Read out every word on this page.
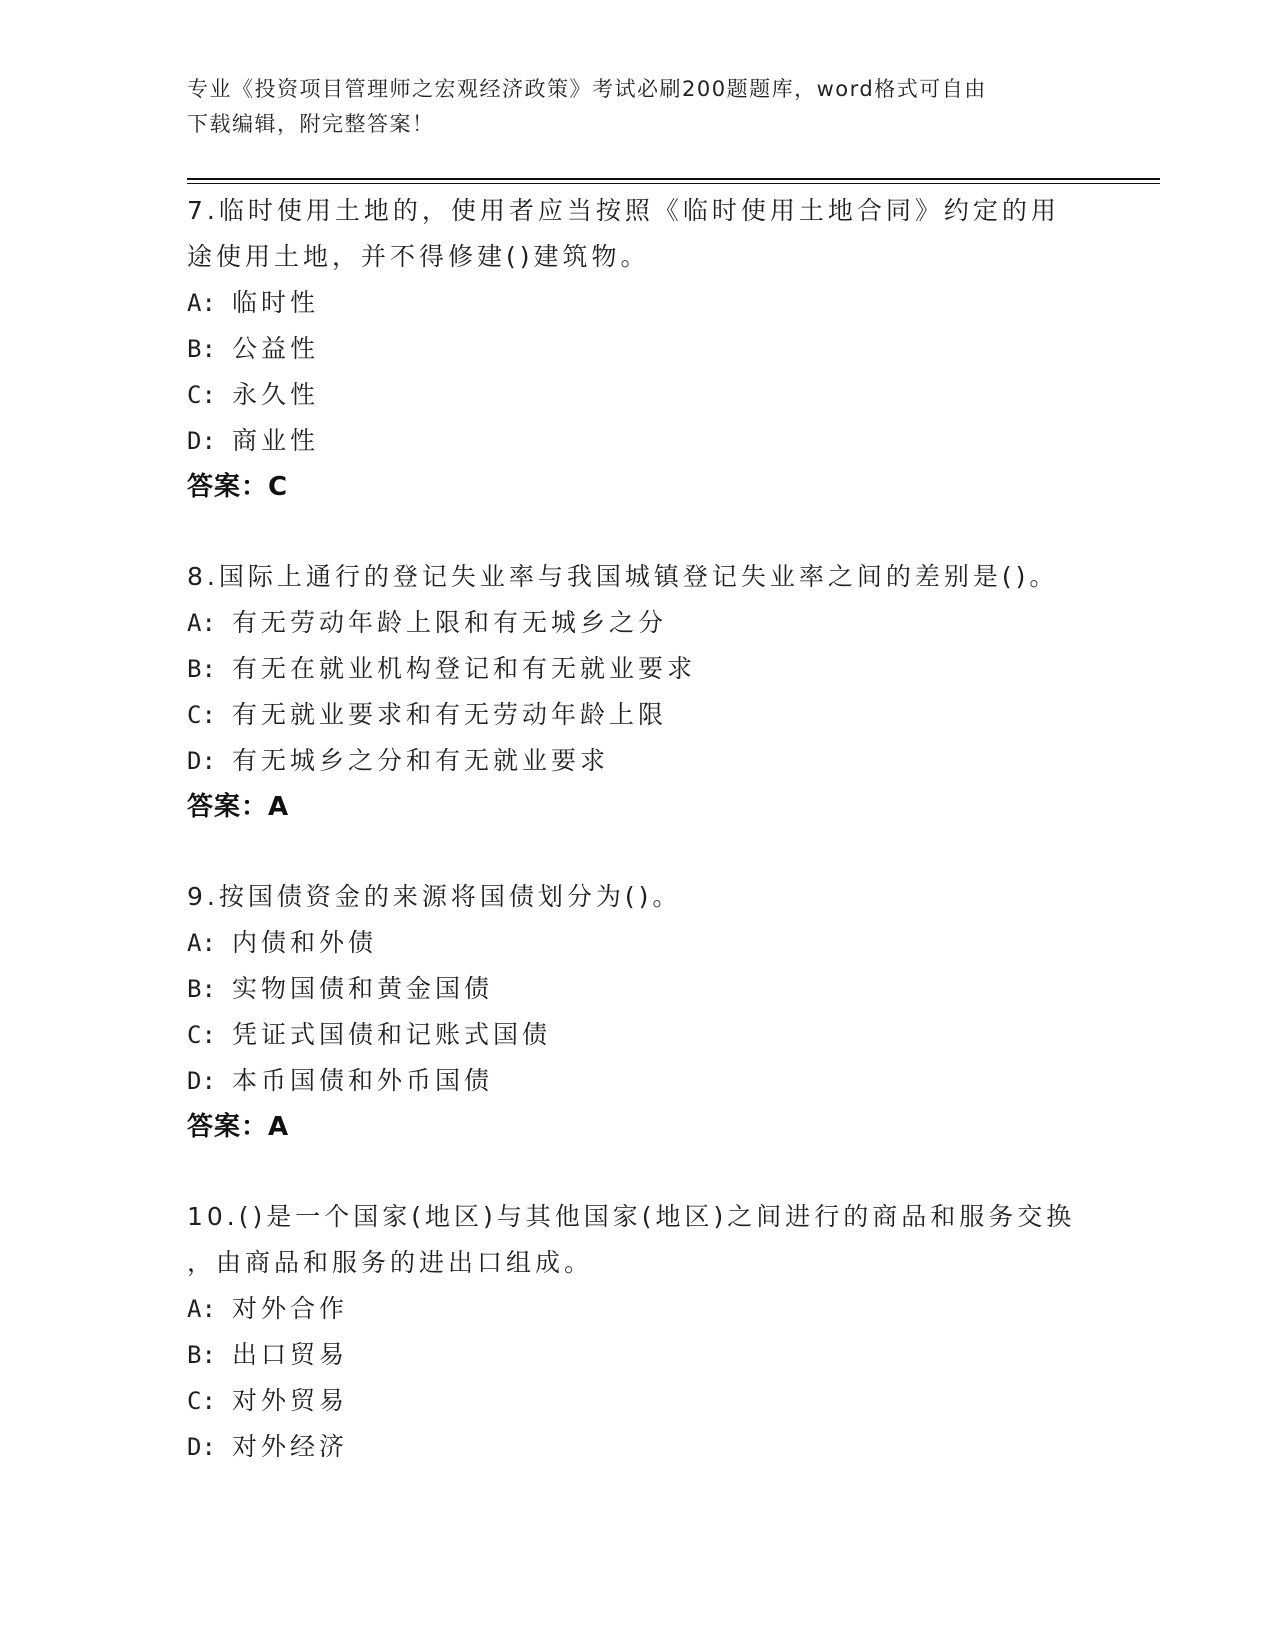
专业《投资项目管理师之宏观经济政策》考试必刷200题题库，word格式可自由
下载编辑，附完整答案！
7.临时使用土地的，使用者应当按照《临时使用土地合同》约定的用
途使用土地，并不得修建()建筑物。
A: 临时性
B: 公益性
C: 永久性
D: 商业性
答案：C
8.国际上通行的登记失业率与我国城镇登记失业率之间的差别是()。
A: 有无劳动年龄上限和有无城乡之分
B: 有无在就业机构登记和有无就业要求
C: 有无就业要求和有无劳动年龄上限
D: 有无城乡之分和有无就业要求
答案：A
9.按国债资金的来源将国债划分为()。
A: 内债和外债
B: 实物国债和黄金国债
C: 凭证式国债和记账式国债
D: 本币国债和外币国债
答案：A
10.()是一个国家(地区)与其他国家(地区)之间进行的商品和服务交换
，由商品和服务的进出口组成。
A: 对外合作
B: 出口贸易
C: 对外贸易
D: 对外经济
